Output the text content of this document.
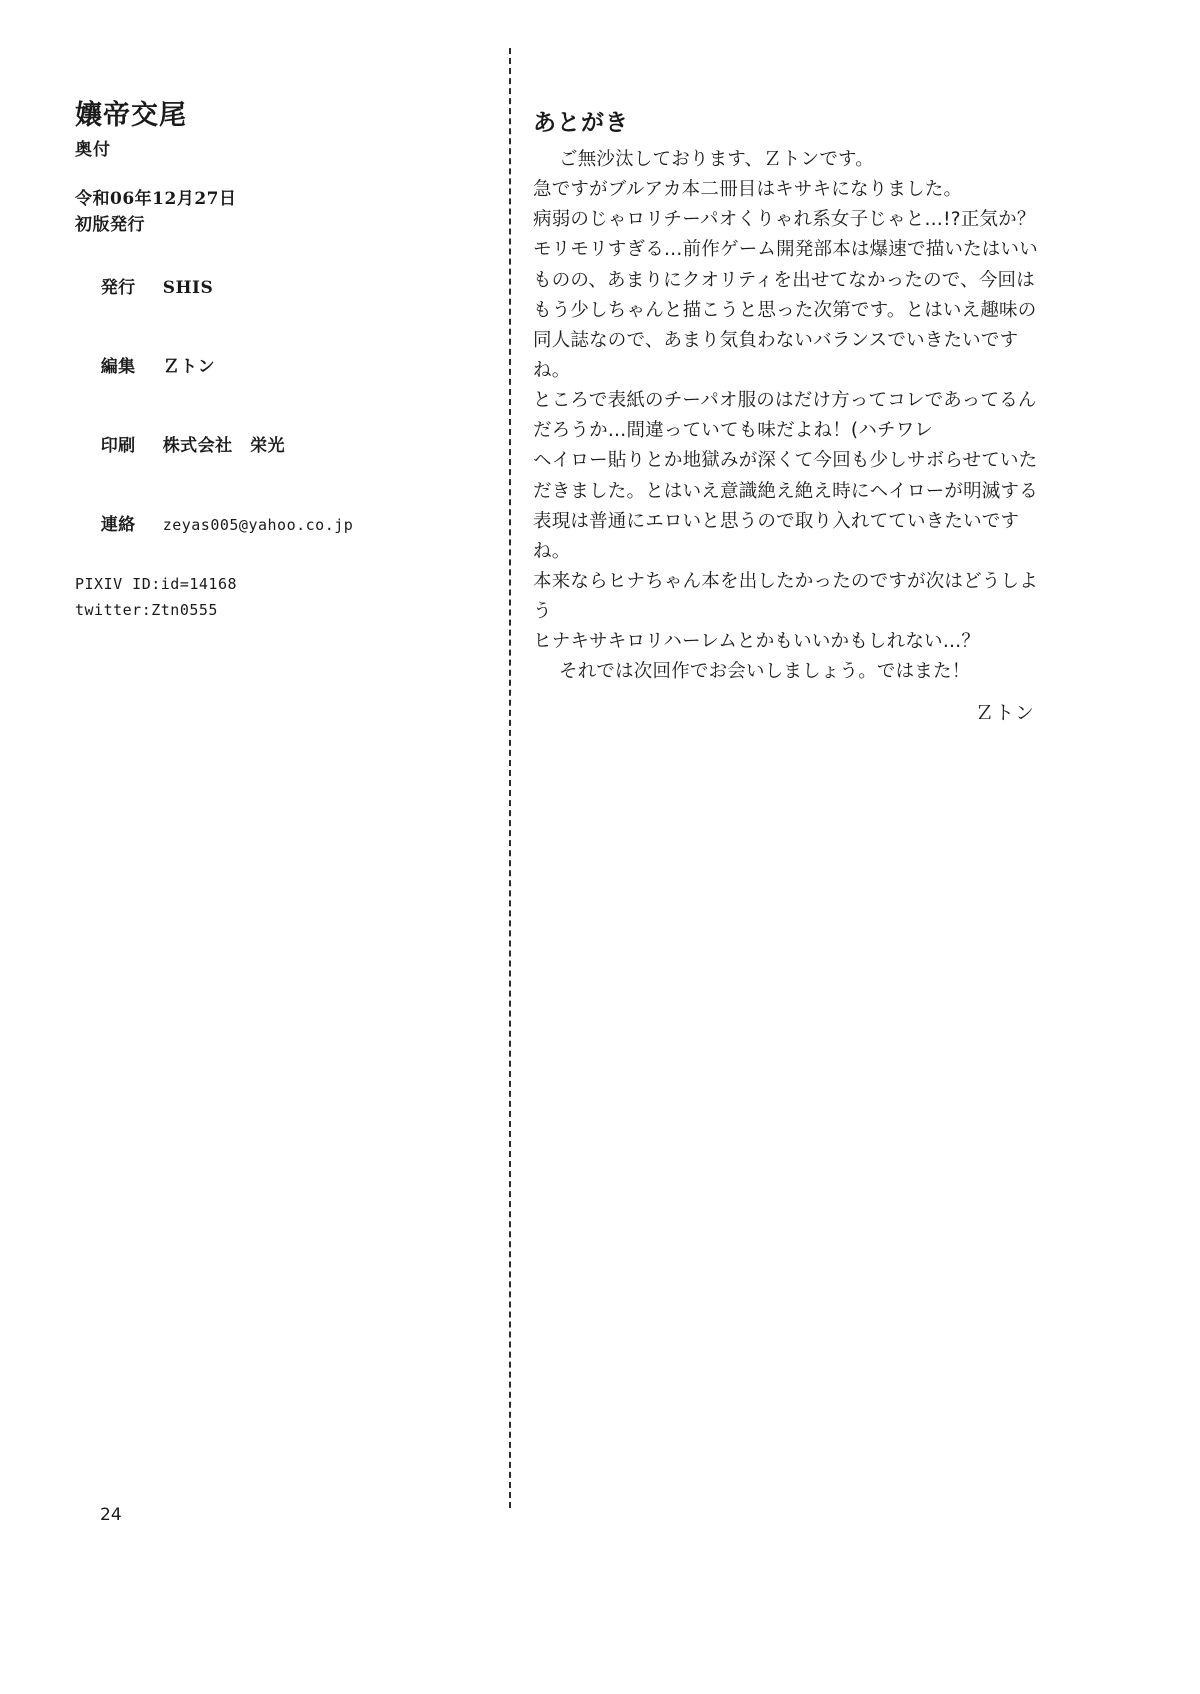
孃帝交尾
奥付
令和06年12月27日
初版発行

発行 SHIS

編集 Ｚトン

印刷 株式会社　栄光

連絡 zeyas005@yahoo.co.jp

PIXIV ID:id=14168
twitter:Ztn0555
あとがき

ご無沙汰しております、Ｚトンです。

急ですがブルアカ本二冊目はキサキになりました。

病弱のじゃロリチーパオくりゃれ系女子じゃと…!?正気か？

モリモリすぎる…前作ゲーム開発部本は爆速で描いたはいい

ものの、あまりにクオリティを出せてなかったので、今回は

もう少しちゃんと描こうと思った次第です。とはいえ趣味の

同人誌なので、あまり気負わないバランスでいきたいですね。

ところで表紙のチーパオ服のはだけ方ってコレであってるん

だろうか…間違っていても味だよね！(ハチワレ

ヘイロー貼りとか地獄みが深くて今回も少しサボらせていた

だきました。とはいえ意識絶え絶え時にヘイローが明滅する

表現は普通にエロいと思うので取り入れてていきたいですね。

本来ならヒナちゃん本を出したかったのですが次はどうしよう

ヒナキサキロリハーレムとかもいいかもしれない…？

それでは次回作でお会いしましょう。ではまた！

Ｚトン
24
